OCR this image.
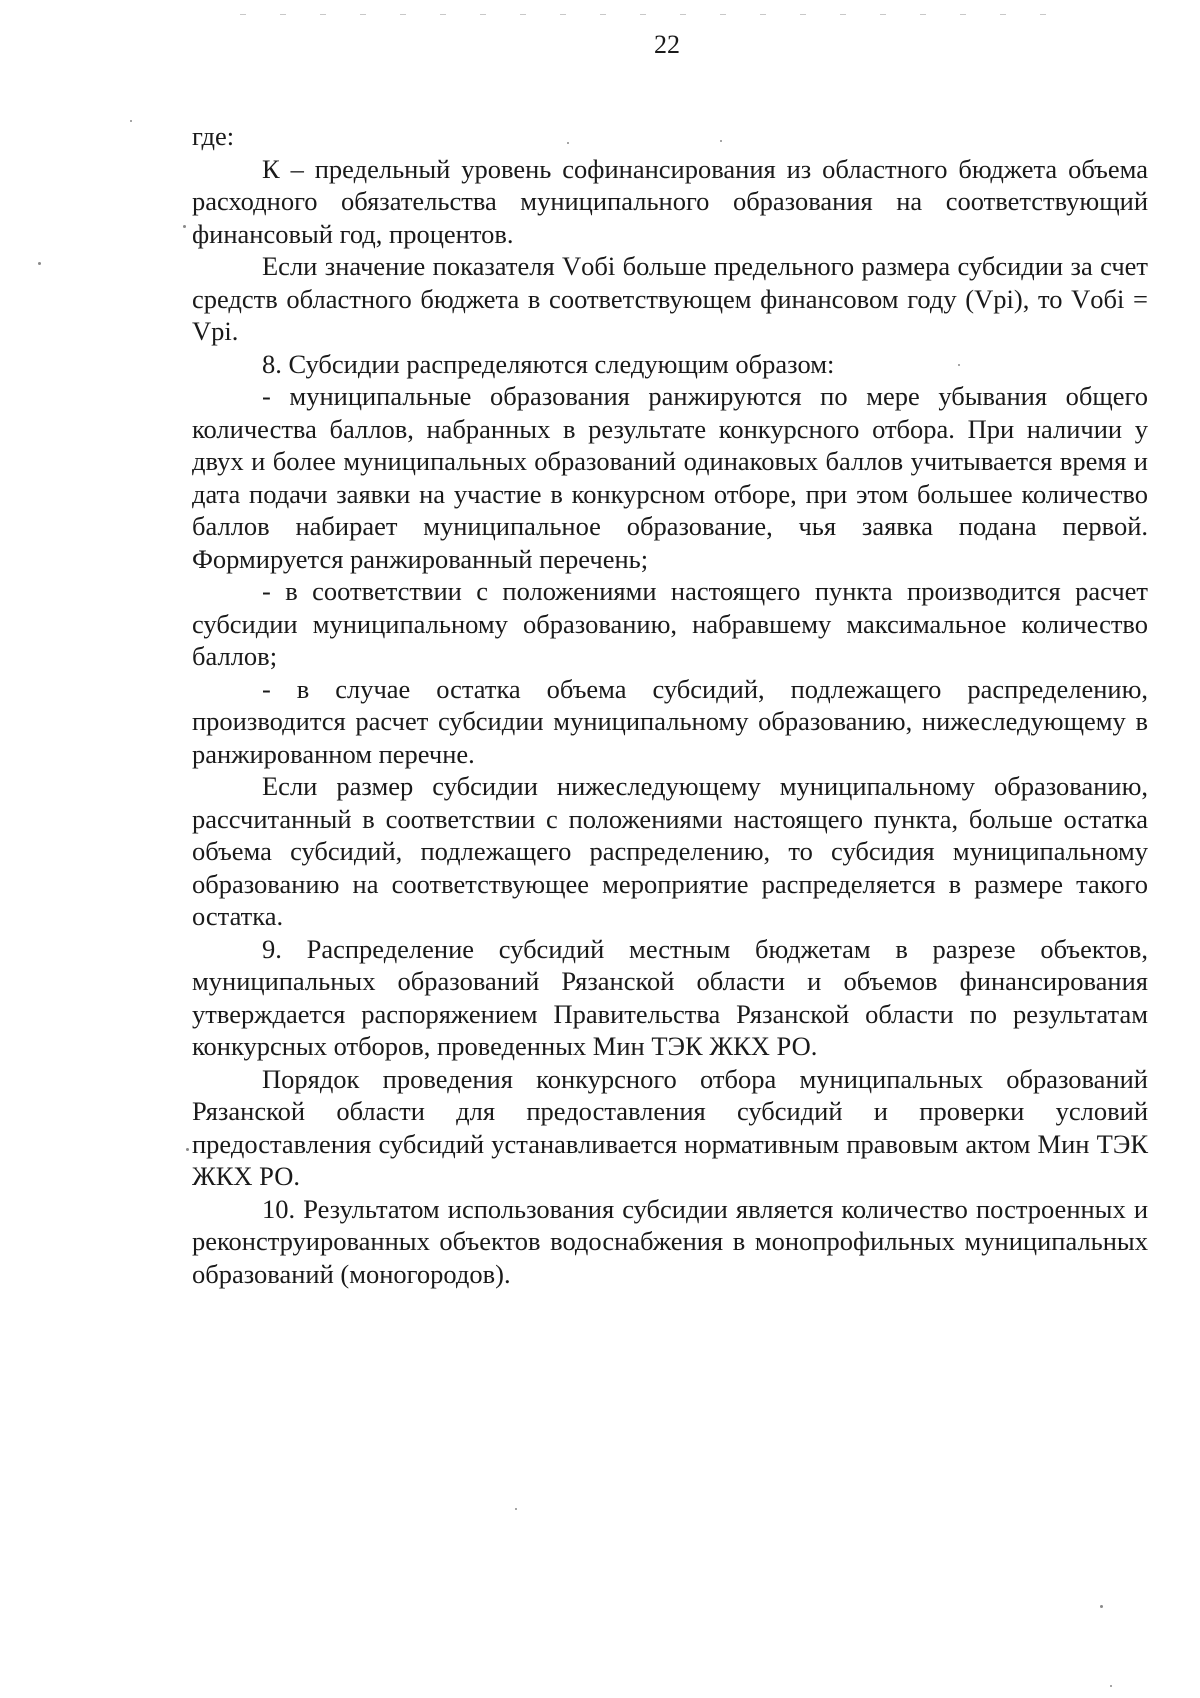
22

где:

К – предельный уровень софинансирования из областного бюджета объема расходного обязательства муниципального образования на соответствующий финансовый год, процентов.

Если значение показателя Vобi больше предельного размера субсидии за счет средств областного бюджета в соответствующем финансовом году (Vpi), то Vобi = Vpi.

8. Субсидии распределяются следующим образом:

- муниципальные образования ранжируются по мере убывания общего количества баллов, набранных в результате конкурсного отбора. При наличии у двух и более муниципальных образований одинаковых баллов учитывается время и дата подачи заявки на участие в конкурсном отборе, при этом большее количество баллов набирает муниципальное образование, чья заявка подана первой. Формируется ранжированный перечень;

- в соответствии с положениями настоящего пункта производится расчет субсидии муниципальному образованию, набравшему максимальное количество баллов;

- в случае остатка объема субсидий, подлежащего распределению, производится расчет субсидии муниципальному образованию, нижеследующему в ранжированном перечне.

Если размер субсидии нижеследующему муниципальному образованию, рассчитанный в соответствии с положениями настоящего пункта, больше остатка объема субсидий, подлежащего распределению, то субсидия муниципальному образованию на соответствующее мероприятие распределяется в размере такого остатка.

9. Распределение субсидий местным бюджетам в разрезе объектов, муниципальных образований Рязанской области и объемов финансирования утверждается распоряжением Правительства Рязанской области по результатам конкурсных отборов, проведенных Мин ТЭК ЖКХ РО.

Порядок проведения конкурсного отбора муниципальных образований Рязанской области для предоставления субсидий и проверки условий предоставления субсидий устанавливается нормативным правовым актом Мин ТЭК ЖКХ РО.

10. Результатом использования субсидии является количество построенных и реконструированных объектов водоснабжения в монопрофильных муниципальных образований (моногородов).
